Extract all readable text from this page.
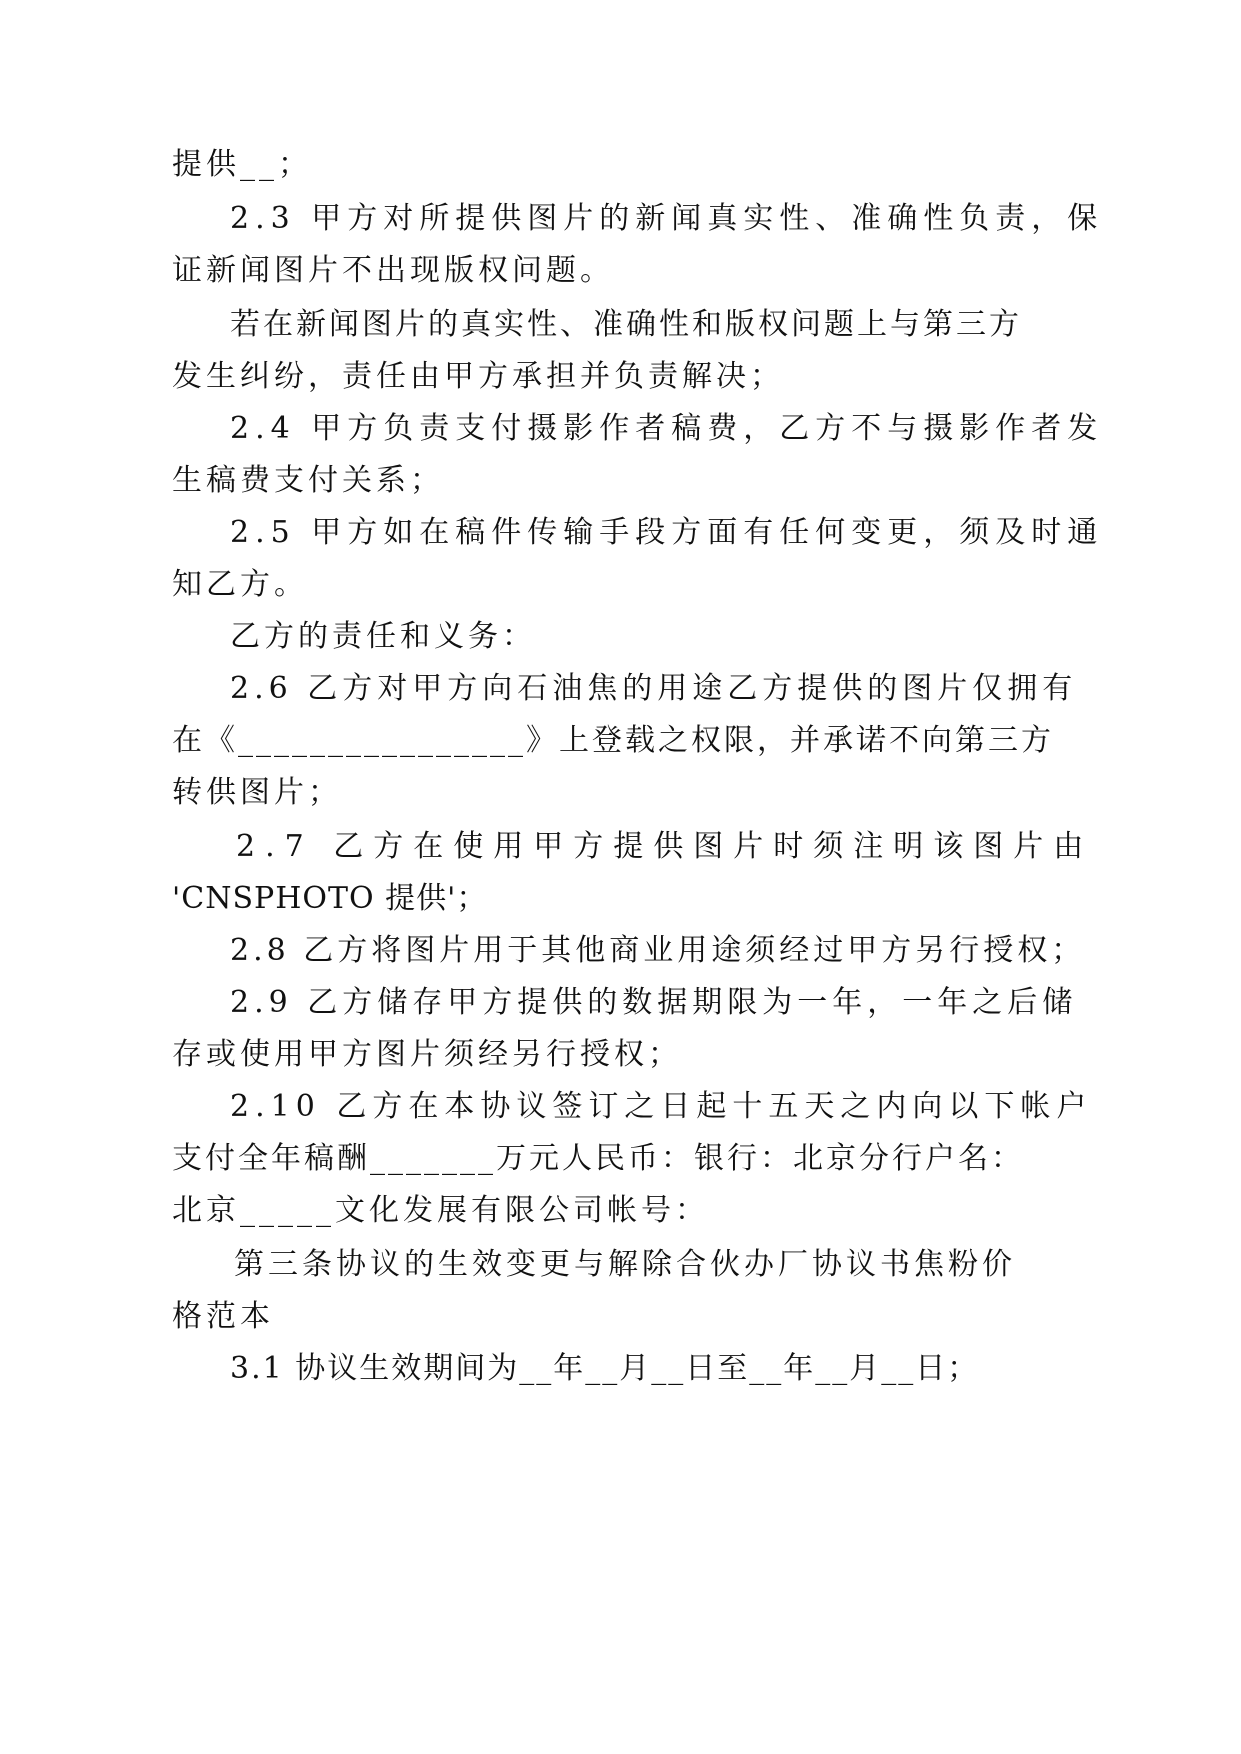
提供__；
2.3 甲方对所提供图片的新闻真实性、准确性负责，保
证新闻图片不出现版权问题。
若在新闻图片的真实性、准确性和版权问题上与第三方
发生纠纷，责任由甲方承担并负责解决；
2.4 甲方负责支付摄影作者稿费，乙方不与摄影作者发
生稿费支付关系；
2.5 甲方如在稿件传输手段方面有任何变更，须及时通
知乙方。
乙方的责任和义务：
2.6 乙方对甲方向石油焦的用途乙方提供的图片仅拥有
在《________________》上登载之权限，并承诺不向第三方
转供图片；
2.7 乙方在使用甲方提供图片时须注明该图片由
'CNSPHOTO 提供'；
2.8 乙方将图片用于其他商业用途须经过甲方另行授权；
2.9 乙方储存甲方提供的数据期限为一年，一年之后储
存或使用甲方图片须经另行授权；
2.10 乙方在本协议签订之日起十五天之内向以下帐户
支付全年稿酬_______万元人民币：银行：北京分行户名：
北京_____文化发展有限公司帐号：
第三条协议的生效变更与解除合伙办厂协议书焦粉价
格范本
3.1 协议生效期间为__年__月__日至__年__月__日；
